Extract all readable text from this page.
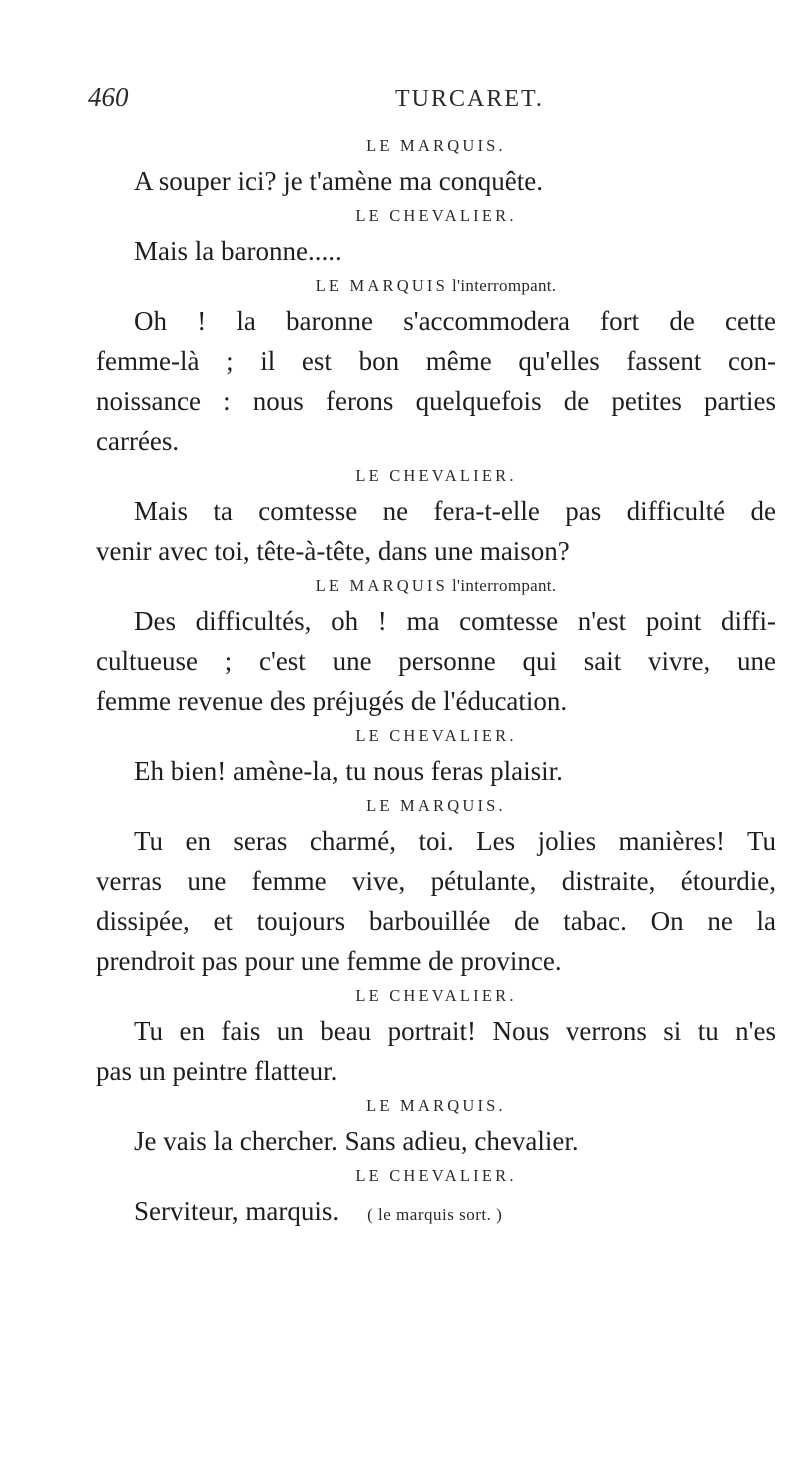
460	TURCARET.
LE MARQUIS.
A souper ici? je t'amène ma conquête.
LE CHEVALIER.
Mais la baronne.....
LE MARQUIS l'interrompant.
Oh ! la baronne s'accommodera fort de cette
femme-là ; il est bon même qu'elles fassent con-
noissance : nous ferons quelquefois de petites parties
carrées.
LE CHEVALIER.
Mais ta comtesse ne fera-t-elle pas difficulté de
venir avec toi, tête-à-tête, dans une maison?
LE MARQUIS l'interrompant.
Des difficultés, oh ! ma comtesse n'est point diffi-
cultueuse ; c'est une personne qui sait vivre, une
femme revenue des préjugés de l'éducation.
LE CHEVALIER.
Eh bien! amène-la, tu nous feras plaisir.
LE MARQUIS.
Tu en seras charmé, toi. Les jolies manières! Tu
verras une femme vive, pétulante, distraite, étourdie,
dissipée, et toujours barbouillée de tabac. On ne la
prendroit pas pour une femme de province.
LE CHEVALIER.
Tu en fais un beau portrait! Nous verrons si tu n'es
pas un peintre flatteur.
LE MARQUIS.
Je vais la chercher. Sans adieu, chevalier.
LE CHEVALIER.
Serviteur, marquis. ( le marquis sort. )
